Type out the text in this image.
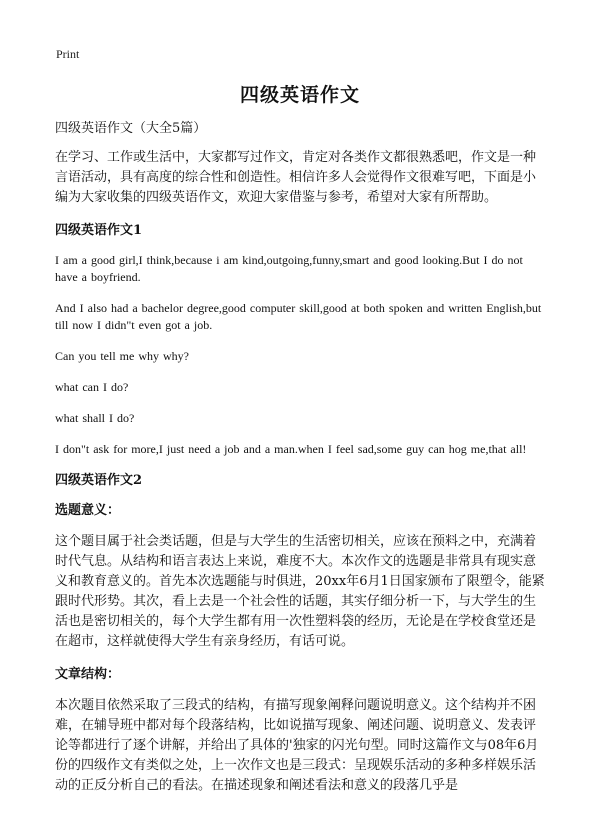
Print
四级英语作文

四级英语作文（大全5篇）

在学习、工作或生活中，大家都写过作文，肯定对各类作文都很熟悉吧，作文是一种言语活动，具有高度的综合性和创造性。相信许多人会觉得作文很难写吧，下面是小编为大家收集的四级英语作文，欢迎大家借鉴与参考，希望对大家有所帮助。

四级英语作文1

I am a good girl,I think,because i am kind,outgoing,funny,smart and good looking.But I do not have a boyfriend.

And I also had a bachelor degree,good computer skill,good at both spoken and written English,but till now I didn"t even got a job.

Can you tell me why why?

what can I do?

what shall I do?

I don"t ask for more,I just need a job and a man.when I feel sad,some guy can hog me,that all!

四级英语作文2

选题意义：

这个题目属于社会类话题，但是与大学生的生活密切相关，应该在预料之中，充满着时代气息。从结构和语言表达上来说，难度不大。本次作文的选题是非常具有现实意义和教育意义的。首先本次选题能与时俱进，20xx年6月1日国家颁布了限塑令，能紧跟时代形势。其次，看上去是一个社会性的话题，其实仔细分析一下，与大学生的生活也是密切相关的，每个大学生都有用一次性塑料袋的经历，无论是在学校食堂还是在超市，这样就使得大学生有亲身经历，有话可说。

文章结构：

本次题目依然采取了三段式的结构，有描写现象阐释问题说明意义。这个结构并不困难，在辅导班中都对每个段落结构，比如说描写现象、阐述问题、说明意义、发表评论等都进行了逐个讲解，并给出了具体的'独家的闪光句型。同时这篇作文与08年6月份的四级作文有类似之处，上一次作文也是三段式：呈现娱乐活动的多种多样娱乐活动的正反分析自己的看法。在描述现象和阐述看法和意义的段落几乎是
